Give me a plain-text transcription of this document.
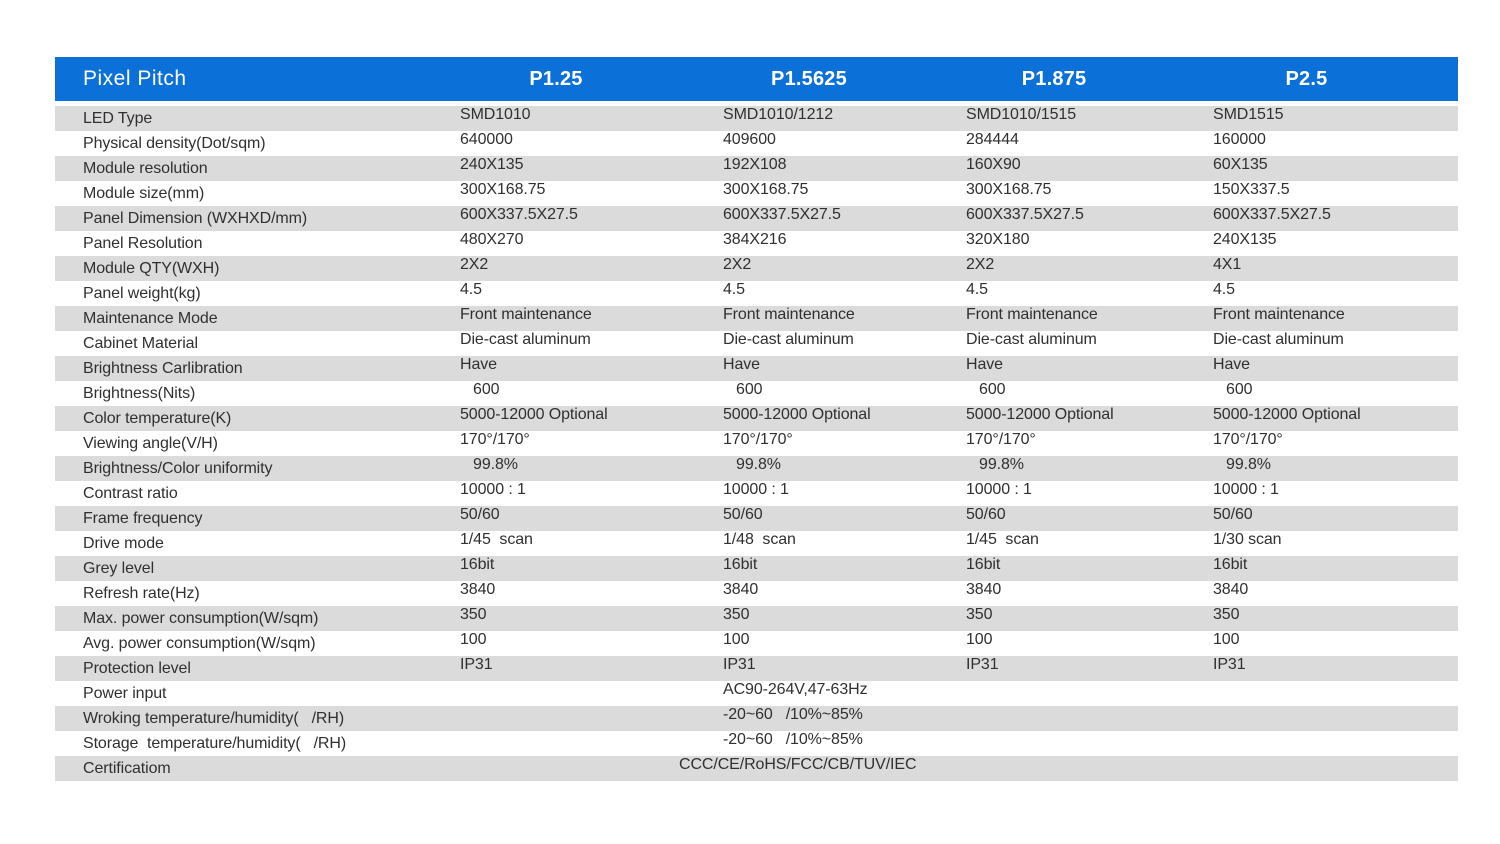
Pixel Pitch	P1.25	P1.5625	P1.875	P2.5
LED Type	SMD1010	SMD1010/1212	SMD1010/1515	SMD1515
Physical density(Dot/sqm)	640000	409600	284444	160000
Module resolution	240X135	192X108	160X90	60X135
Module size(mm)	300X168.75	300X168.75	300X168.75	150X337.5
Panel Dimension (WXHXD/mm)	600X337.5X27.5	600X337.5X27.5	600X337.5X27.5	600X337.5X27.5
Panel Resolution	480X270	384X216	320X180	240X135
Module QTY(WXH)	2X2	2X2	2X2	4X1
Panel weight(kg)	4.5	4.5	4.5	4.5
Maintenance Mode	Front maintenance	Front maintenance	Front maintenance	Front maintenance
Cabinet Material	Die-cast aluminum	Die-cast aluminum	Die-cast aluminum	Die-cast aluminum
Brightness Carlibration	Have	Have	Have	Have
Brightness(Nits)	600	600	600	600
Color temperature(K)	5000-12000 Optional	5000-12000 Optional	5000-12000 Optional	5000-12000 Optional
Viewing angle(V/H)	170°/170°	170°/170°	170°/170°	170°/170°
Brightness/Color uniformity	99.8%	99.8%	99.8%	99.8%
Contrast ratio	10000 : 1	10000 : 1	10000 : 1	10000 : 1
Frame frequency	50/60	50/60	50/60	50/60
Drive mode	1/45  scan	1/48  scan	1/45  scan	1/30 scan
Grey level	16bit	16bit	16bit	16bit
Refresh rate(Hz)	3840	3840	3840	3840
Max. power consumption(W/sqm)	350	350	350	350
Avg. power consumption(W/sqm)	100	100	100	100
Protection level	IP31	IP31	IP31	IP31
Power input	AC90-264V,47-63Hz
Wroking temperature/humidity(   /RH)	-20~60   /10%~85%
Storage  temperature/humidity(   /RH)	-20~60   /10%~85%
Certificatiom	CCC/CE/RoHS/FCC/CB/TUV/IEC
